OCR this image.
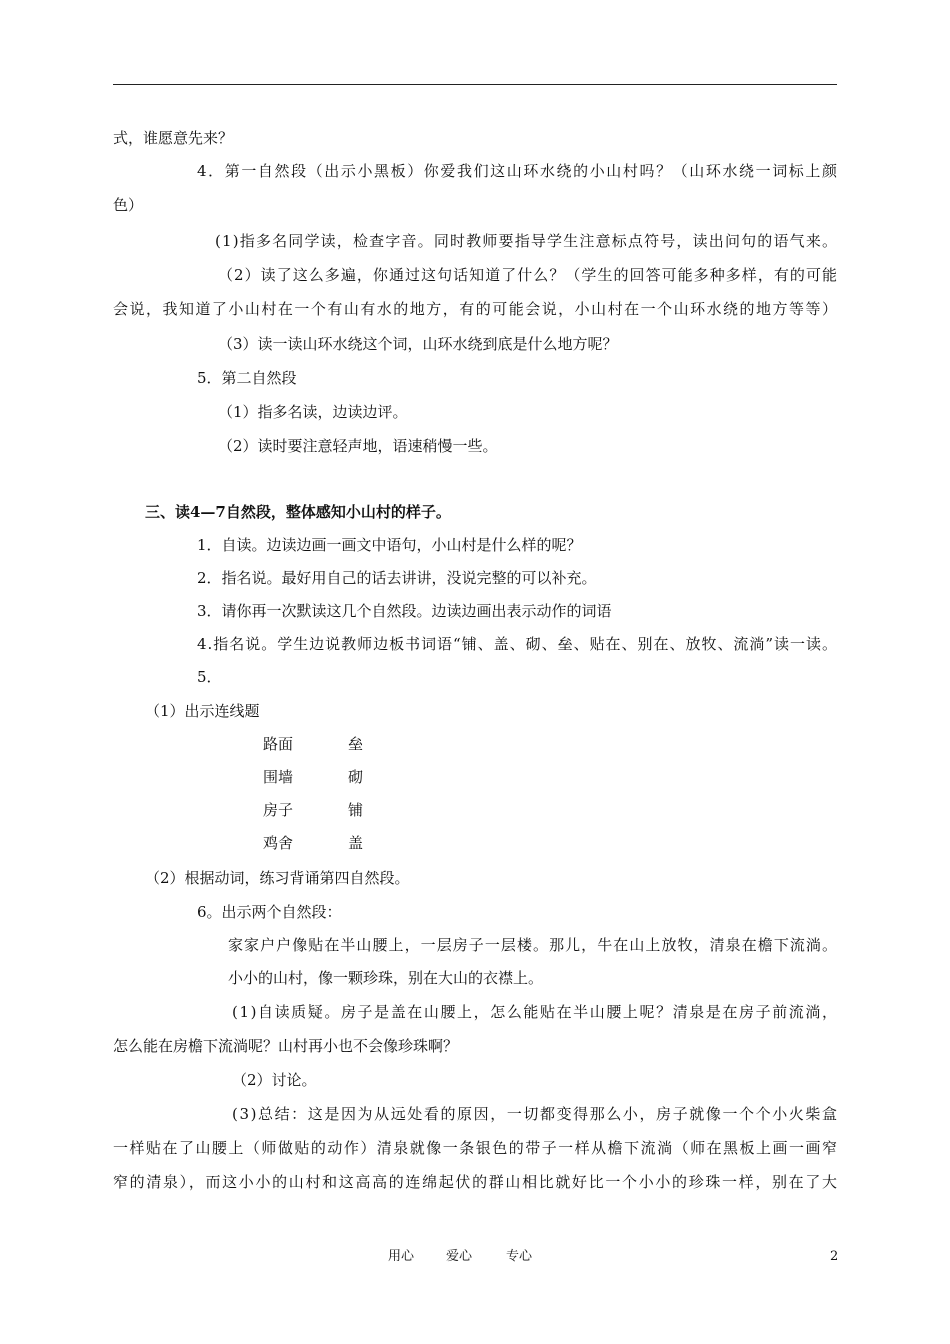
式，谁愿意先来？
4．第一自然段（出示小黑板）你爱我们这山环水绕的小山村吗？（山环水绕一词标上颜
色）
(1)指多名同学读，检查字音。同时教师要指导学生注意标点符号，读出问句的语气来。
（2）读了这么多遍，你通过这句话知道了什么？（学生的回答可能多种多样，有的可能
会说，我知道了小山村在一个有山有水的地方，有的可能会说，小山村在一个山环水绕的地方等等）
（3）读一读山环水绕这个词，山环水绕到底是什么地方呢？
5．第二自然段
（1）指多名读，边读边评。
（2）读时要注意轻声地，语速稍慢一些。
三、读4—7自然段，整体感知小山村的样子。
1．自读。边读边画一画文中语句，小山村是什么样的呢？
2．指名说。最好用自己的话去讲讲，没说完整的可以补充。
3．请你再一次默读这几个自然段。边读边画出表示动作的词语
4.指名说。学生边说教师边板书词语“铺、盖、砌、垒、贴在、别在、放牧、流淌”读一读。
5．
（1）出示连线题
路面	垒
围墙	砌
房子	铺
鸡舍	盖
（2）根据动词，练习背诵第四自然段。
6。出示两个自然段：
家家户户像贴在半山腰上，一层房子一层楼。那儿，牛在山上放牧，清泉在檐下流淌。
小小的山村，像一颗珍珠，别在大山的衣襟上。
(1)自读质疑。房子是盖在山腰上，怎么能贴在半山腰上呢？清泉是在房子前流淌，
怎么能在房檐下流淌呢？山村再小也不会像珍珠啊？
（2）讨论。
(3)总结：这是因为从远处看的原因，一切都变得那么小，房子就像一个个小火柴盒
一样贴在了山腰上（师做贴的动作）清泉就像一条银色的带子一样从檐下流淌（师在黑板上画一画窄
窄的清泉），而这小小的山村和这高高的连绵起伏的群山相比就好比一个小小的珍珠一样，别在了大
用心 爱心	专心	2
